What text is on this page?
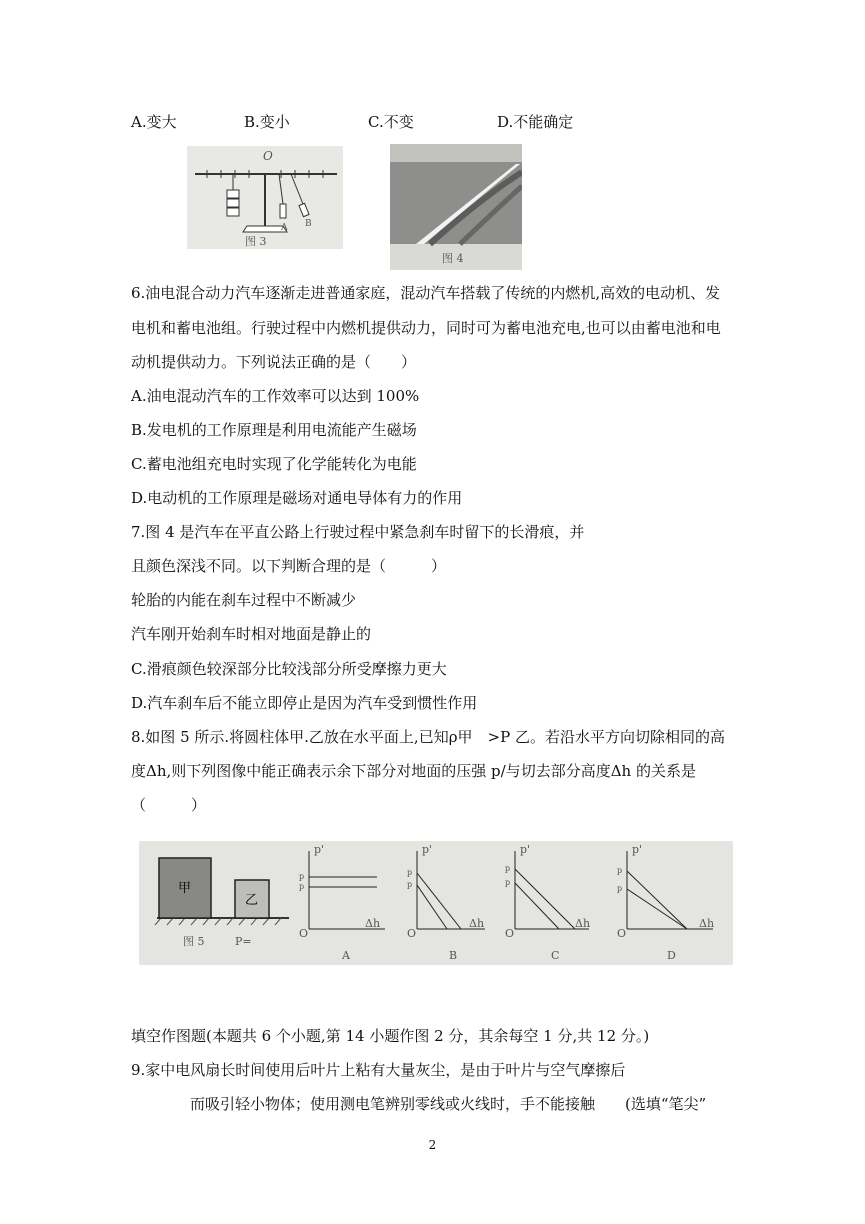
A.变大	B.变小	C.不变	D.不能确定
O
A B
图 3
图 4
6.油电混合动力汽车逐渐走进普通家庭，混动汽车搭载了传统的内燃机,高效的电动机、发
电机和蓄电池组。行驶过程中内燃机提供动力，同时可为蓄电池充电,也可以由蓄电池和电
动机提供动力。下列说法正确的是（　　）
A.油电混动汽车的工作效率可以达到 100%
B.发电机的工作原理是利用电流能产生磁场
C.蓄电池组充电时实现了化学能转化为电能
D.电动机的工作原理是磁场对通电导体有力的作用
7.图 4 是汽车在平直公路上行驶过程中紧急刹车时留下的长滑痕，并
且颜色深浅不同。以下判断合理的是（　　　）
轮胎的内能在刹车过程中不断减少
汽车刚开始刹车时相对地面是静止的
C.滑痕颜色较深部分比较浅部分所受摩擦力更大
D.汽车刹车后不能立即停止是因为汽车受到惯性作用
8.如图 5 所示.将圆柱体甲.乙放在水平面上,已知ρ甲　>P 乙。若沿水平方向切除相同的高
度Δh,则下列图像中能正确表示余下部分对地面的压强 p/与切去部分高度Δh 的关系是
（　　　）
甲
乙
图 5	P=
p'
Δh
O
p
p
A
p'
Δh
O
p
p
B
p'
Δh
O
p
p
C
p'
Δh
O
p
p
D
填空作图题(本题共 6 个小题,第 14 小题作图 2 分，其余每空 1 分,共 12 分。)
9.家中电风扇长时间使用后叶片上粘有大量灰尘，是由于叶片与空气摩擦后
而吸引轻小物体；使用测电笔辨别零线或火线时，手不能接触　　(选填“笔尖”
2
